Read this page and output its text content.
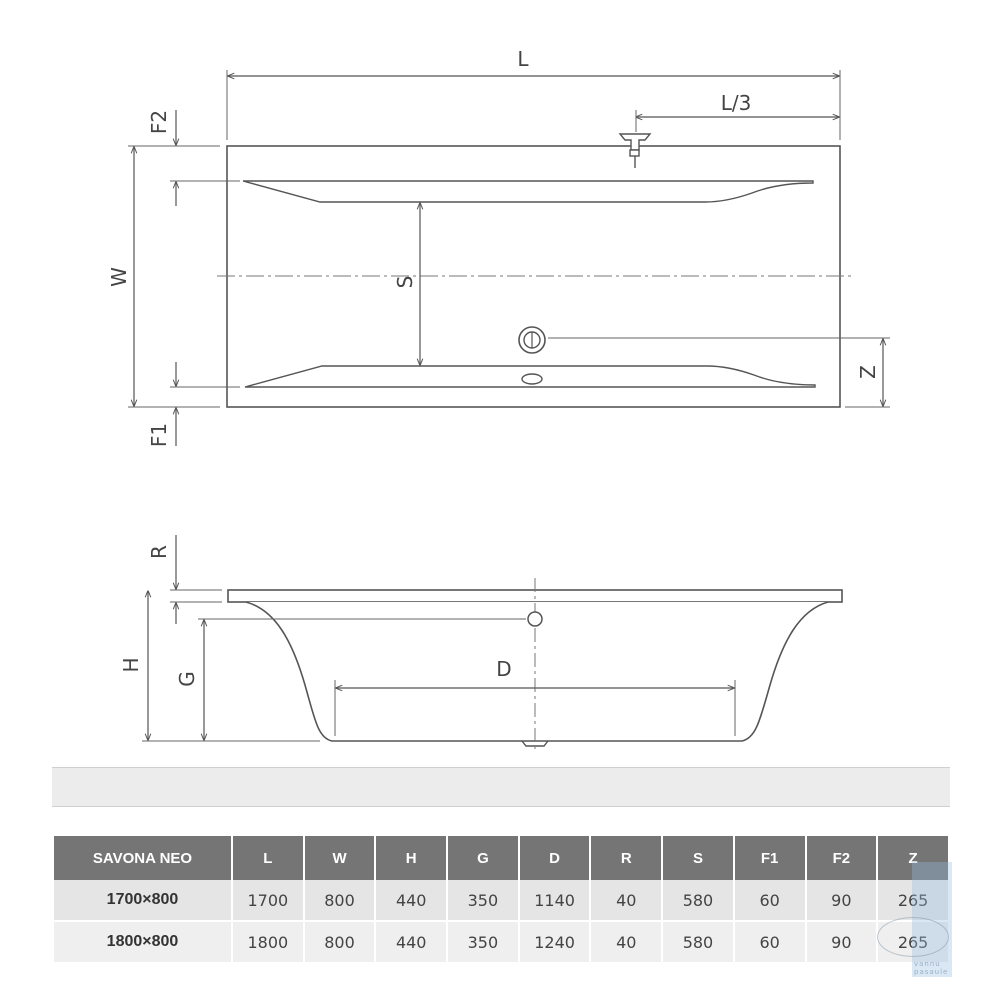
L
L/3
W
F2
F1
S
Z
R
H
G	D
SAVONA NEO	L	W	H	G	D	R	S	F1	F2	Z
1700×800	1700	800	440	350	1140	40	580	60	90	265
1800×800	1800	800	440	350	1240	40	580	60	90	265
vannu pasaule
